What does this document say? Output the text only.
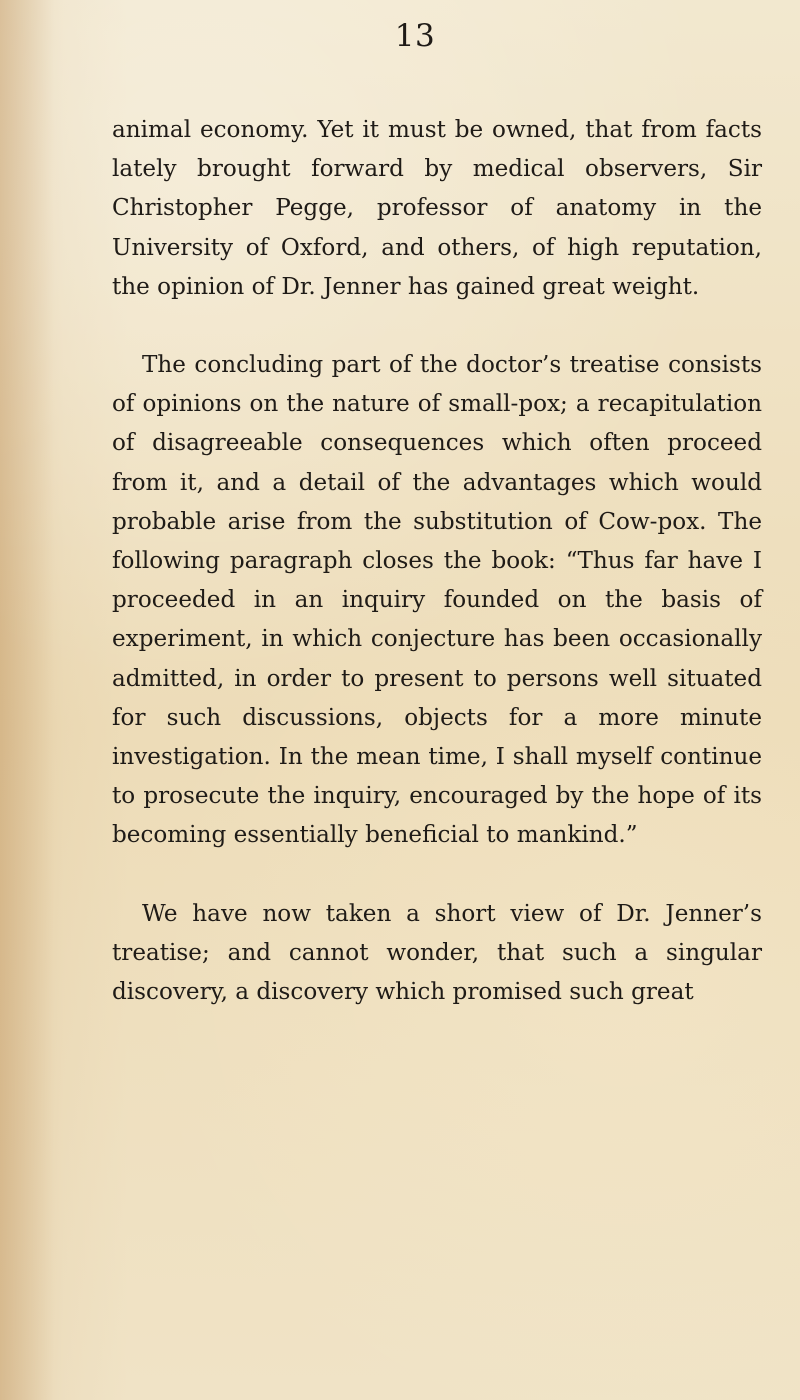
13

animal economy. Yet it must be owned, that from facts lately brought forward by medical observers, Sir Christopher Pegge, professor of anatomy in the University of Oxford, and others, of high reputation, the opinion of Dr. Jenner has gained great weight.

The concluding part of the doctor’s treatise consists of opinions on the nature of small-pox; a recapitulation of disagreeable consequences which often proceed from it, and a detail of the advantages which would probable arise from the substitution of Cow-pox. The following paragraph closes the book: “Thus far have I proceeded in an inquiry founded on the basis of experiment, in which conjecture has been occasionally admitted, in order to present to persons well situated for such discussions, objects for a more minute investigation. In the mean time, I shall myself continue to prosecute the inquiry, encouraged by the hope of its becoming essentially beneficial to mankind.”

We have now taken a short view of Dr. Jenner’s treatise; and cannot wonder, that such a singular discovery, a discovery which promised such great
